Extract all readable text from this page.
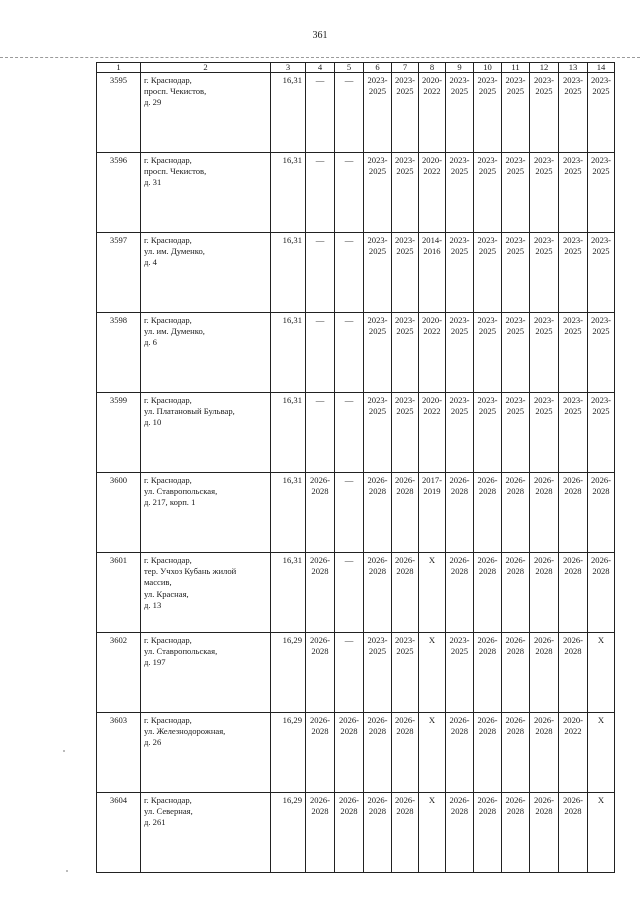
361
1	2	3	4	5	6	7	8	9	10	11	12	13	14
3595	г. Краснодар,
просп. Чекистов,
д. 29	16,31	—	—	2023-
2025	2023-
2025	2020-
2022	2023-
2025	2023-
2025	2023-
2025	2023-
2025	2023-
2025	2023-
2025

3596	г. Краснодар,
просп. Чекистов,
д. 31	16,31	—	—	2023-
2025	2023-
2025	2020-
2022	2023-
2025	2023-
2025	2023-
2025	2023-
2025	2023-
2025	2023-
2025

3597	г. Краснодар,
ул. им. Думенко,
д. 4	16,31	—	—	2023-
2025	2023-
2025	2014-
2016	2023-
2025	2023-
2025	2023-
2025	2023-
2025	2023-
2025	2023-
2025

3598	г. Краснодар,
ул. им. Думенко,
д. 6	16,31	—	—	2023-
2025	2023-
2025	2020-
2022	2023-
2025	2023-
2025	2023-
2025	2023-
2025	2023-
2025	2023-
2025

3599	г. Краснодар,
ул. Платановый Бульвар,
д. 10	16,31	—	—	2023-
2025	2023-
2025	2020-
2022	2023-
2025	2023-
2025	2023-
2025	2023-
2025	2023-
2025	2023-
2025

3600	г. Краснодар,
ул. Ставропольская,
д. 217, корп. 1	16,31	2026-
2028	—	2026-
2028	2026-
2028	2017-
2019	2026-
2028	2026-
2028	2026-
2028	2026-
2028	2026-
2028	2026-
2028

3601	г. Краснодар,
тер. Учхоз Кубань жилой
массив,
ул. Красная,
д. 13	16,31	2026-
2028	—	2026-
2028	2026-
2028	X	2026-
2028	2026-
2028	2026-
2028	2026-
2028	2026-
2028	2026-
2028

3602	г. Краснодар,
ул. Ставропольская,
д. 197	16,29	2026-
2028	—	2023-
2025	2023-
2025	X	2023-
2025	2026-
2028	2026-
2028	2026-
2028	2026-
2028	X

3603	г. Краснодар,
ул. Железнодорожная,
д. 26	16,29	2026-
2028	2026-
2028	2026-
2028	2026-
2028	X	2026-
2028	2026-
2028	2026-
2028	2026-
2028	2020-
2022	X

3604	г. Краснодар,
ул. Северная,
д. 261	16,29	2026-
2028	2026-
2028	2026-
2028	2026-
2028	X	2026-
2028	2026-
2028	2026-
2028	2026-
2028	2026-
2028	X
